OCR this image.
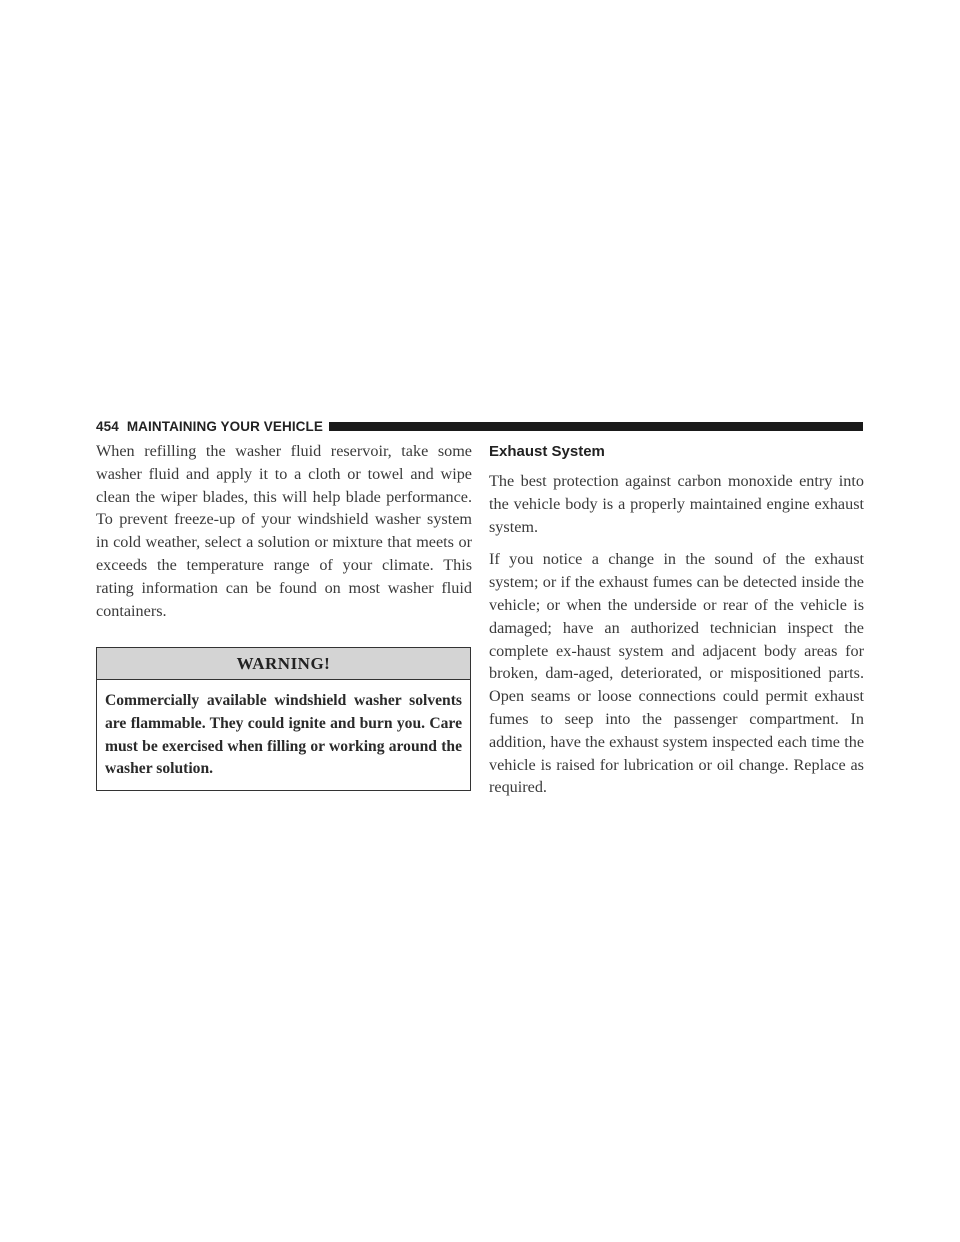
454 MAINTAINING YOUR VEHICLE

When refilling the washer fluid reservoir, take some washer fluid and apply it to a cloth or towel and wipe clean the wiper blades, this will help blade performance. To prevent freeze-up of your windshield washer system in cold weather, select a solution or mixture that meets or exceeds the temperature range of your climate. This rating information can be found on most washer fluid containers.

WARNING!
Commercially available windshield washer solvents are flammable. They could ignite and burn you. Care must be exercised when filling or working around the washer solution.
Exhaust System

The best protection against carbon monoxide entry into the vehicle body is a properly maintained engine exhaust system.

If you notice a change in the sound of the exhaust system; or if the exhaust fumes can be detected inside the vehicle; or when the underside or rear of the vehicle is damaged; have an authorized technician inspect the complete ex-haust system and adjacent body areas for broken, dam-aged, deteriorated, or mispositioned parts. Open seams or loose connections could permit exhaust fumes to seep into the passenger compartment. In addition, have the exhaust system inspected each time the vehicle is raised for lubrication or oil change. Replace as required.
